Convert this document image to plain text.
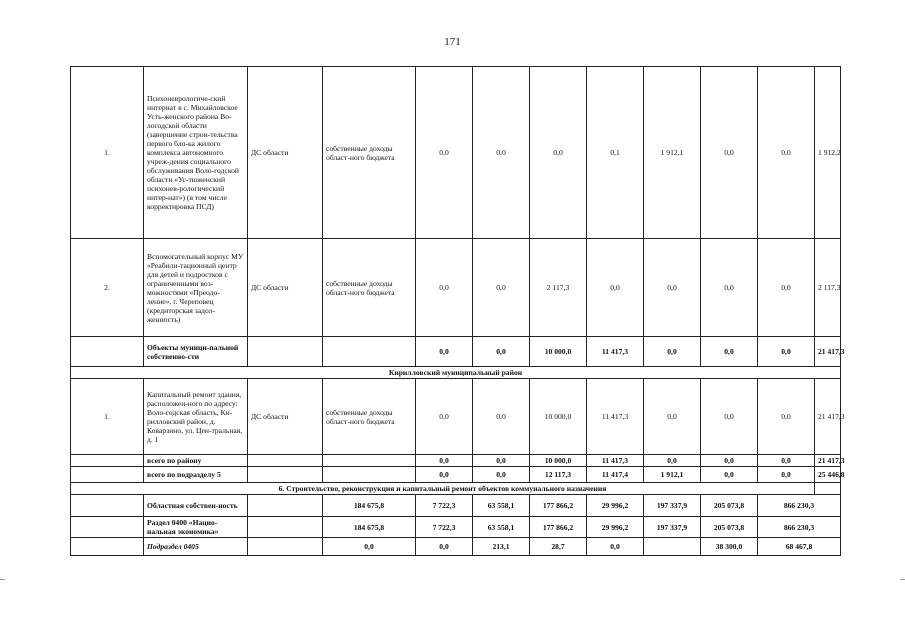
171
1.	Психоневрологиче-ский интернат в с. Михайловское Усть-женского района Во-логодской области (завершение строи-тельства первого бло-ка жилого комплекса автономного учреж-дения социального обслуживания Воло-годской области «Ус-тюженский психонев-рологический интер-нат») (в том числе корректировка ПСД)	ДС области	собственные доходы област-ного бюджета	0,0	0,0	0,0	0,1	1 912,1	0,0	0,0	1 912,2
2.	Вспомогательный корпус МУ «Реабили-тационный центр для детей и подростков с ограниченными воз-можностями «Преодо-ление», г. Череповец (кредиторская задол-женность)	ДС области	собственные доходы област-ного бюджета	0,0	0,0	2 117,3	0,0	0,0	0,0	0,0	2 117,3
	Объекты муници-пальной собственно-сти			0,0	0,0	10 000,0	11 417,3	0,0	0,0	0,0	21 417,3
Кирилловский муниципальный район											
1.	Капитальный ремонт здания, расположен-ного по адресу: Воло-годская область, Ки-рилловский район, д. Коварзино, ул. Цен-тральная, д. 1	ДС области	собственные доходы област-ного бюджета	0,0	0,0	10 000,0	11 417,3	0,0	0,0	0,0	21 417,3
	всего по району			0,0	0,0	10 000,0	11 417,3	0,0	0,0	0,0	21 417,3
	всего по подразделу 5			0,0	0,0	12 117,3	11 417,4	1 912,1	0,0	0,0	25 446,8
6. Строительство, реконструкция и капитальный ремонт объектов коммунального назначения											
	Областная собствен-ность		184 675,8	7 722,3	63 558,1	177 866,2	29 996,2	197 337,9	205 073,8	866 230,3	
	Раздел 0400 «Нацио-нальная экономика»		184 675,8	7 722,3	63 558,1	177 866,2	29 996,2	197 337,9	205 073,8	866 230,3	
	Подраздел 0405		0,0	0,0	213,1	28,7	0,0		38 300,0	68 467,8	
